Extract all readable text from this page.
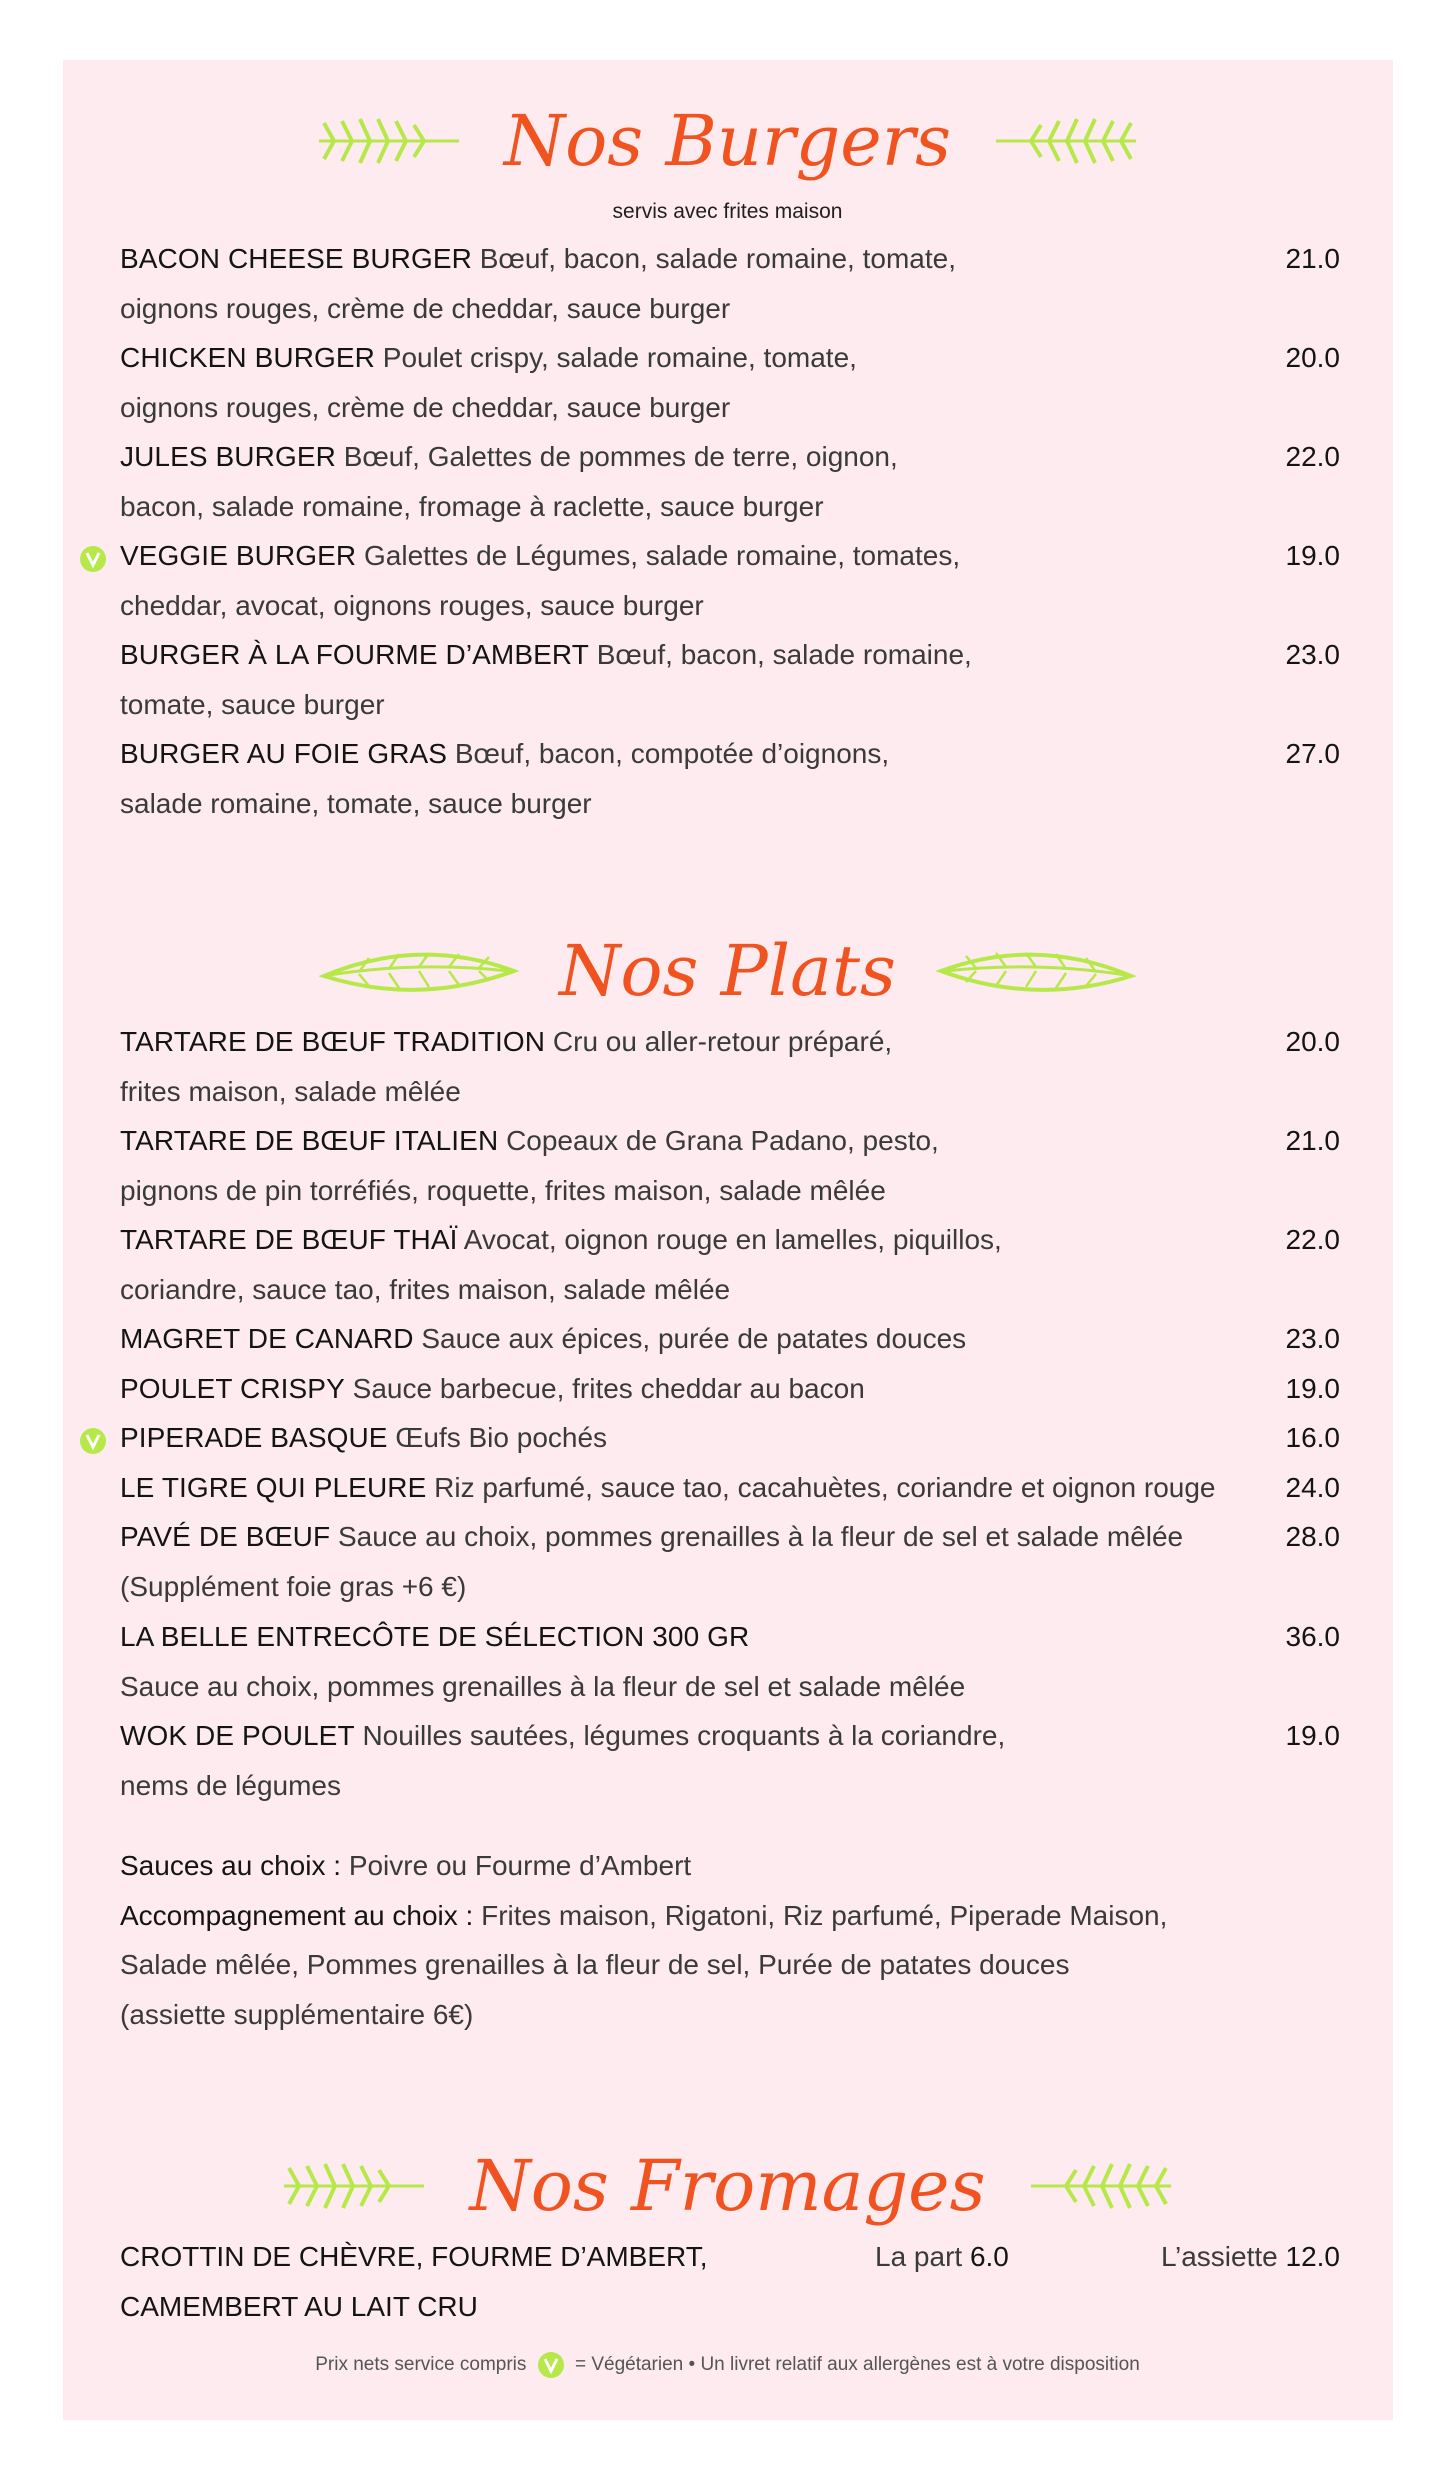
Nos Burgers
servis avec frites maison
BACON CHEESE BURGER Bœuf, bacon, salade romaine, tomate,	21.0
oignons rouges, crème de cheddar, sauce burger
CHICKEN BURGER Poulet crispy, salade romaine, tomate,	20.0
oignons rouges, crème de cheddar, sauce burger
JULES BURGER Bœuf, Galettes de pommes de terre, oignon,	22.0
bacon, salade romaine, fromage à raclette, sauce burger
VEGGIE BURGER Galettes de Légumes, salade romaine, tomates,	19.0
cheddar, avocat, oignons rouges, sauce burger
BURGER À LA FOURME D’AMBERT Bœuf, bacon, salade romaine,	23.0
tomate, sauce burger
BURGER AU FOIE GRAS Bœuf, bacon, compotée d’oignons,	27.0
salade romaine, tomate, sauce burger
Nos Plats
TARTARE DE BŒUF TRADITION Cru ou aller-retour préparé,	20.0
frites maison, salade mêlée
TARTARE DE BŒUF ITALIEN Copeaux de Grana Padano, pesto,	21.0
pignons de pin torréfiés, roquette, frites maison, salade mêlée
TARTARE DE BŒUF THAÏ Avocat, oignon rouge en lamelles, piquillos,	22.0
coriandre, sauce tao, frites maison, salade mêlée
MAGRET DE CANARD Sauce aux épices, purée de patates douces	23.0
POULET CRISPY Sauce barbecue, frites cheddar au bacon	19.0
PIPERADE BASQUE Œufs Bio pochés	16.0
LE TIGRE QUI PLEURE Riz parfumé, sauce tao, cacahuètes, coriandre et oignon rouge 24.0
PAVÉ DE BŒUF Sauce au choix, pommes grenailles à la fleur de sel et salade mêlée	28.0
(Supplément foie gras +6 €)
LA BELLE ENTRECÔTE DE SÉLECTION 300 GR	36.0
Sauce au choix, pommes grenailles à la fleur de sel et salade mêlée
WOK DE POULET Nouilles sautées, légumes croquants à la coriandre,	19.0
nems de légumes
Sauces au choix : Poivre ou Fourme d’Ambert
Accompagnement au choix : Frites maison, Rigatoni, Riz parfumé, Piperade Maison,
Salade mêlée, Pommes grenailles à la fleur de sel, Purée de patates douces
(assiette supplémentaire 6€)
Nos Fromages
CROTTIN DE CHÈVRE, FOURME D’AMBERT,
CAMEMBERT AU LAIT CRU
La part 6.0	L’assiette 12.0
Prix nets service compris	= Végétarien • Un livret relatif aux allergènes est à votre disposition
